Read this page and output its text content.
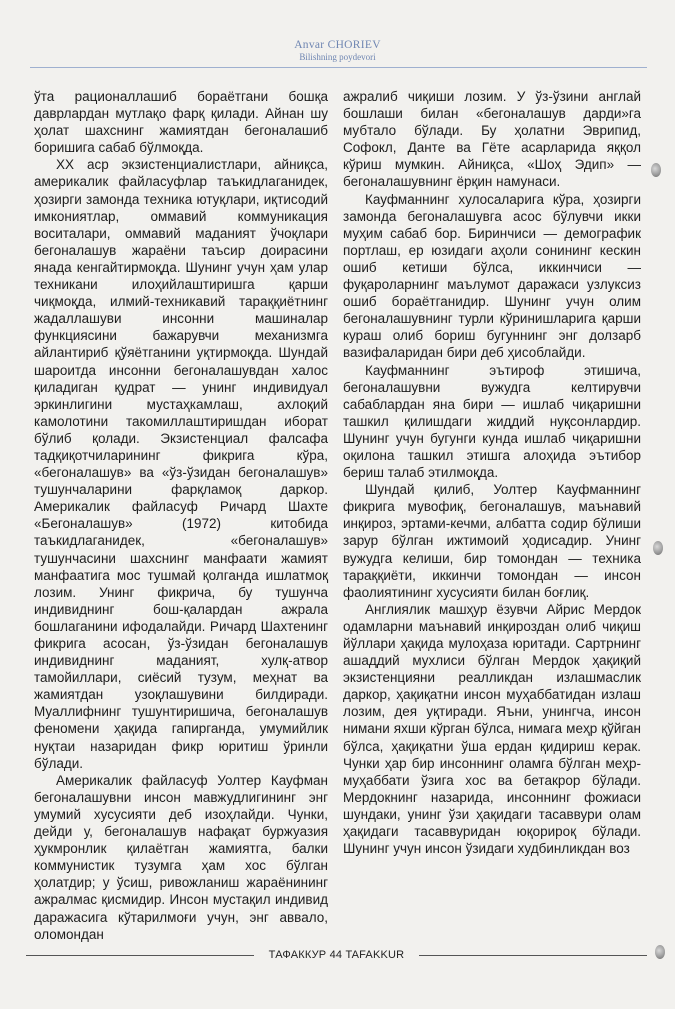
Anvar CHORIEV
Bilishning poydevori

ўта рационаллашиб бораётгани бошқа даврлардан мутлақо фарқ қилади. Айнан шу ҳолат шахснинг жамиятдан бегоналашиб боришига сабаб бўлмоқда.

XX аср экзистенциалистлари, айниқса, америкалик файласуфлар таъкидлаганидек, ҳозирги замонда техника ютуқлари, иқтисодий имкониятлар, оммавий коммуникация воситалари, оммавий маданият ўчоқлари бегоналашув жараёни таъсир доирасини янада кенгайтирмоқда. Шунинг учун ҳам улар техникани илоҳийлаштиришга қарши чиқмоқда, илмий-техникавий тараққиётнинг жадаллашуви инсонни машиналар функциясини бажарувчи механизмга айлантириб қўяётганини уқтирмоқда. Шундай шароитда инсонни бегоналашувдан халос қиладиган қудрат — унинг индивидуал эркинлигини мустаҳкамлаш, ахлоқий камолотини такомиллаштиришдан иборат бўлиб қолади. Экзистенциал фалсафа тадқиқотчиларининг фикрига кўра, «бегоналашув» ва «ўз-ўзидан бегоналашув» тушунчаларини фарқламоқ даркор. Америкалик файласуф Ричард Шахте «Бегоналашув» (1972) китобида таъкидлаганидек, «бегоналашув» тушунчасини шахснинг манфаати жамият манфаатига мос тушмай қолганда ишлатмоқ лозим. Унинг фикрича, бу тушунча индивиднинг бош-қалардан ажрала бошлаганини ифодалайди. Ричард Шахтенинг фикрига асосан, ўз-ўзидан бегоналашув индивиднинг маданият, хулқ-атвор тамойиллари, сиёсий тузум, меҳнат ва жамиятдан узоқлашувини билдиради. Муаллифнинг тушунтиришича, бегоналашув феномени ҳақида гапирганда, умумийлик нуқтаи назаридан фикр юритиш ўринли бўлади.

Америкалик файласуф Уолтер Кауфман бегоналашувни инсон мавжудлигининг энг умумий хусусияти деб изоҳлайди. Чунки, дейди у, бегоналашув нафақат буржуазия ҳукмронлик қилаётган жамиятга, балки коммунистик тузумга ҳам хос бўлган ҳолатдир; у ўсиш, ривожланиш жараёнининг ажралмас қисмидир. Инсон мустақил индивид даражасига кўтарилмоғи учун, энг аввало, оломондан

ажралиб чиқиши лозим. У ўз-ўзини англай бошлаши билан «бегоналашув дарди»га мубтало бўлади. Бу ҳолатни Эврипид, Софокл, Данте ва Гёте асарларида яққол кўриш мумкин. Айниқса, «Шоҳ Эдип» — бегоналашувнинг ёрқин намунаси.

Кауфманнинг хулосаларига кўра, ҳозирги замонда бегоналашувга асос бўлувчи икки муҳим сабаб бор. Биринчиси — демографик портлаш, ер юзидаги аҳоли сонининг кескин ошиб кетиши бўлса, иккинчиси — фуқароларнинг маълумот даражаси узлуксиз ошиб бораётганидир. Шунинг учун олим бегоналашувнинг турли кўринишларига қарши кураш олиб бориш бугуннинг энг долзарб вазифаларидан бири деб ҳисоблайди.

Кауфманнинг эътироф этишича, бегоналашувни вужудга келтирувчи сабаблардан яна бири — ишлаб чиқаришни ташкил қилишдаги жиддий нуқсонлардир. Шунинг учун бугунги кунда ишлаб чиқаришни оқилона ташкил этишга алоҳида эътибор бериш талаб этилмоқда.

Шундай қилиб, Уолтер Кауфманнинг фикрига мувофиқ, бегоналашув, маънавий инқироз, эртами-кечми, албатта содир бўлиши зарур бўлган ижтимоий ҳодисадир. Унинг вужудга келиши, бир томондан — техника тараққиёти, иккинчи томондан — инсон фаолиятининг хусусияти билан боғлиқ.

Англиялик машҳур ёзувчи Айрис Мердок одамларни маънавий инқироздан олиб чиқиш йўллари ҳақида мулоҳаза юритади. Сартрнинг ашаддий мухлиси бўлган Мердок ҳақиқий экзистенцияни реалликдан излашмаслик даркор, ҳақиқатни инсон муҳаббатидан излаш лозим, дея уқтиради. Яъни, унингча, инсон нимани яхши кўрган бўлса, нимага меҳр қўйган бўлса, ҳақиқатни ўша ердан қидириш керак. Чунки ҳар бир инсоннинг оламга бўлган меҳр-муҳаббати ўзига хос ва бетакрор бўлади. Мердокнинг назарида, инсоннинг фожиаси шундаки, унинг ўзи ҳақидаги тасаввури олам ҳақидаги тасаввуридан юқорироқ бўлади. Шунинг учун инсон ўзидаги худбинликдан воз

ТАФАККУР 44 TAFAKKUR
